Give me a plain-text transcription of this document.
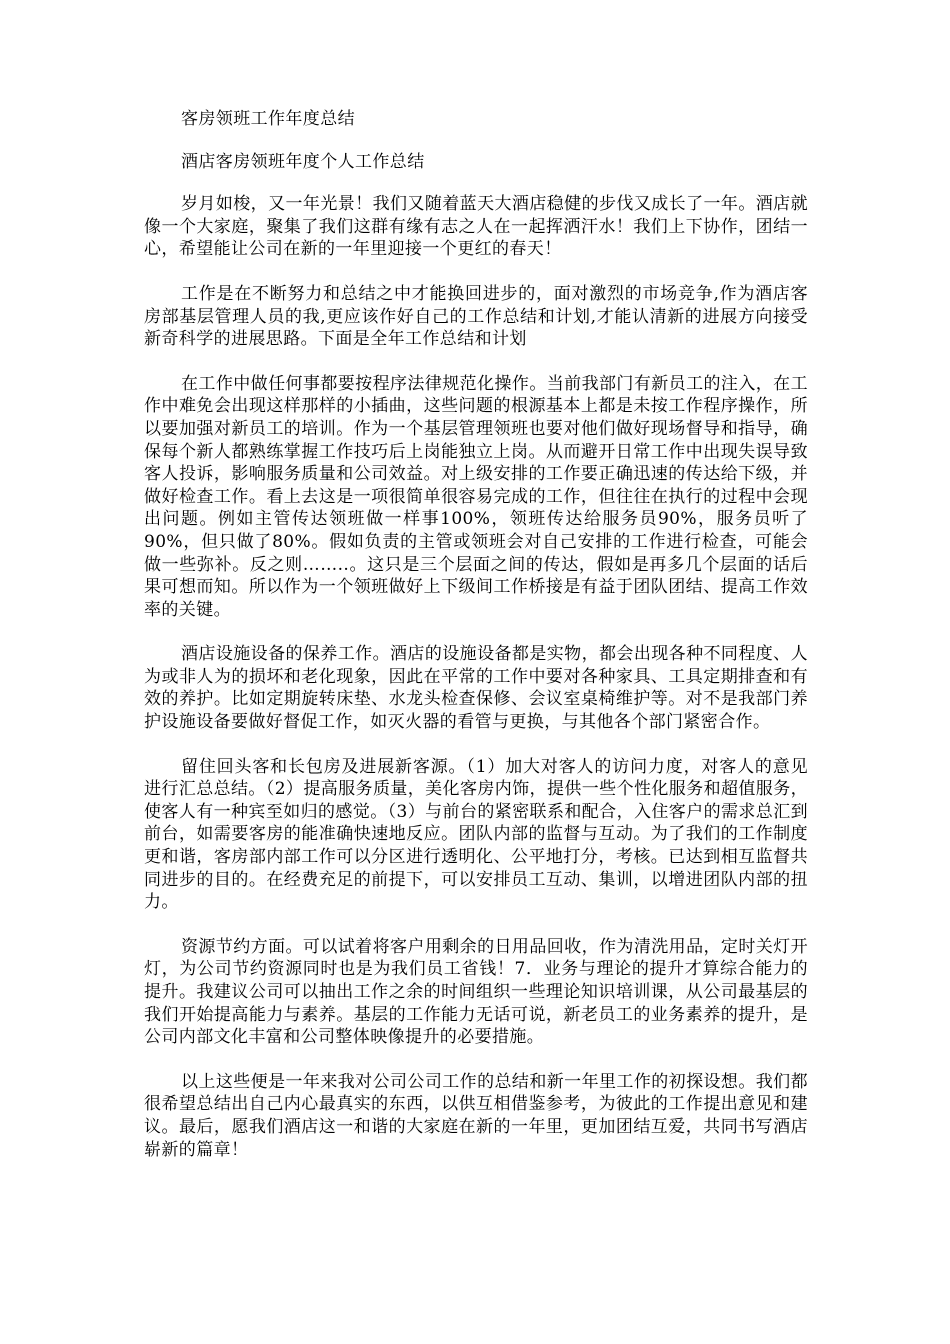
客房领班工作年度总结
酒店客房领班年度个人工作总结

岁月如梭，又一年光景！我们又随着蓝天大酒店稳健的步伐又成长了一年。酒店就像一个大家庭，聚集了我们这群有缘有志之人在一起挥洒汗水！我们上下协作，团结一心，希望能让公司在新的一年里迎接一个更红的春天！

工作是在不断努力和总结之中才能换回进步的，面对激烈的市场竞争,作为酒店客房部基层管理人员的我,更应该作好自己的工作总结和计划,才能认清新的进展方向接受新奇科学的进展思路。下面是全年工作总结和计划

在工作中做任何事都要按程序法律规范化操作。当前我部门有新员工的注入，在工作中难免会出现这样那样的小插曲，这些问题的根源基本上都是未按工作程序操作，所以要加强对新员工的培训。作为一个基层管理领班也要对他们做好现场督导和指导，确保每个新人都熟练掌握工作技巧后上岗能独立上岗。从而避开日常工作中出现失误导致客人投诉，影响服务质量和公司效益。对上级安排的工作要正确迅速的传达给下级，并做好检查工作。看上去这是一项很简单很容易完成的工作，但往往在执行的过程中会现出问题。例如主管传达领班做一样事100%，领班传达给服务员90%，服务员听了90%，但只做了80%。假如负责的主管或领班会对自己安排的工作进行检查，可能会做一些弥补。反之则……..。这只是三个层面之间的传达，假如是再多几个层面的话后果可想而知。所以作为一个领班做好上下级间工作桥接是有益于团队团结、提高工作效率的关键。

酒店设施设备的保养工作。酒店的设施设备都是实物，都会出现各种不同程度、人为或非人为的损坏和老化现象，因此在平常的工作中要对各种家具、工具定期排查和有效的养护。比如定期旋转床垫、水龙头检查保修、会议室桌椅维护等。对不是我部门养护设施设备要做好督促工作，如灭火器的看管与更换，与其他各个部门紧密合作。

留住回头客和长包房及进展新客源。（1）加大对客人的访问力度，对客人的意见进行汇总总结。（2）提高服务质量，美化客房内饰，提供一些个性化服务和超值服务，使客人有一种宾至如归的感觉。（3）与前台的紧密联系和配合，入住客户的需求总汇到前台，如需要客房的能准确快速地反应。团队内部的监督与互动。为了我们的工作制度更和谐，客房部内部工作可以分区进行透明化、公平地打分，考核。已达到相互监督共同进步的目的。在经费充足的前提下，可以安排员工互动、集训，以增进团队内部的扭力。

资源节约方面。可以试着将客户用剩余的日用品回收，作为清洗用品，定时关灯开灯，为公司节约资源同时也是为我们员工省钱！7．业务与理论的提升才算综合能力的提升。我建议公司可以抽出工作之余的时间组织一些理论知识培训课，从公司最基层的我们开始提高能力与素养。基层的工作能力无话可说，新老员工的业务素养的提升，是公司内部文化丰富和公司整体映像提升的必要措施。

以上这些便是一年来我对公司公司工作的总结和新一年里工作的初探设想。我们都很希望总结出自己内心最真实的东西，以供互相借鉴参考，为彼此的工作提出意见和建议。最后，愿我们酒店这一和谐的大家庭在新的一年里，更加团结互爱，共同书写酒店崭新的篇章！
